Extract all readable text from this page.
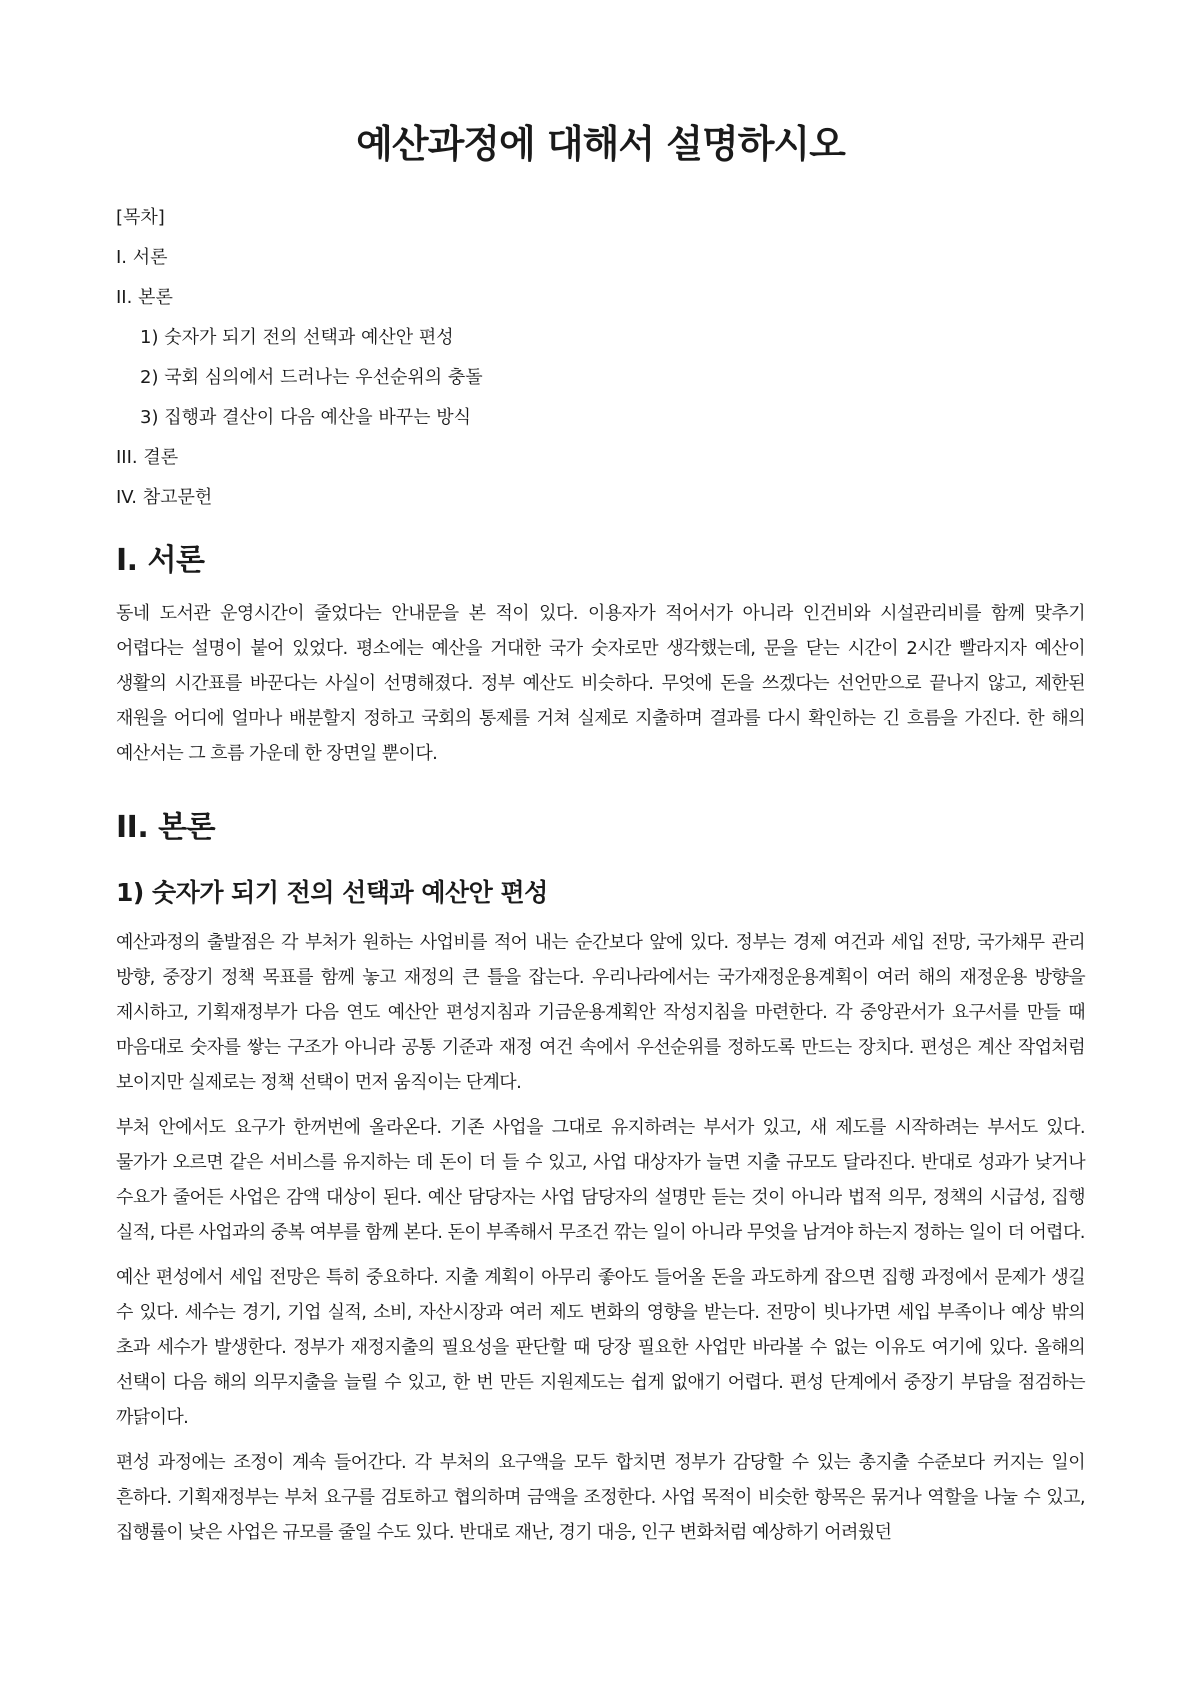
예산과정에 대해서 설명하시오
[목차]
I. 서론
II. 본론
1) 숫자가 되기 전의 선택과 예산안 편성
2) 국회 심의에서 드러나는 우선순위의 충돌
3) 집행과 결산이 다음 예산을 바꾸는 방식
III. 결론
IV. 참고문헌
I. 서론

동네 도서관 운영시간이 줄었다는 안내문을 본 적이 있다. 이용자가 적어서가 아니라 인건비와 시설관리비를 함께 맞추기 어렵다는 설명이 붙어 있었다. 평소에는 예산을 거대한 국가 숫자로만 생각했는데, 문을 닫는 시간이 2시간 빨라지자 예산이 생활의 시간표를 바꾼다는 사실이 선명해졌다. 정부 예산도 비슷하다. 무엇에 돈을 쓰겠다는 선언만으로 끝나지 않고, 제한된 재원을 어디에 얼마나 배분할지 정하고 국회의 통제를 거쳐 실제로 지출하며 결과를 다시 확인하는 긴 흐름을 가진다. 한 해의 예산서는 그 흐름 가운데 한 장면일 뿐이다.

II. 본론
1) 숫자가 되기 전의 선택과 예산안 편성

예산과정의 출발점은 각 부처가 원하는 사업비를 적어 내는 순간보다 앞에 있다. 정부는 경제 여건과 세입 전망, 국가채무 관리 방향, 중장기 정책 목표를 함께 놓고 재정의 큰 틀을 잡는다. 우리나라에서는 국가재정운용계획이 여러 해의 재정운용 방향을 제시하고, 기획재정부가 다음 연도 예산안 편성지침과 기금운용계획안 작성지침을 마련한다. 각 중앙관서가 요구서를 만들 때 마음대로 숫자를 쌓는 구조가 아니라 공통 기준과 재정 여건 속에서 우선순위를 정하도록 만드는 장치다. 편성은 계산 작업처럼 보이지만 실제로는 정책 선택이 먼저 움직이는 단계다.

부처 안에서도 요구가 한꺼번에 올라온다. 기존 사업을 그대로 유지하려는 부서가 있고, 새 제도를 시작하려는 부서도 있다. 물가가 오르면 같은 서비스를 유지하는 데 돈이 더 들 수 있고, 사업 대상자가 늘면 지출 규모도 달라진다. 반대로 성과가 낮거나 수요가 줄어든 사업은 감액 대상이 된다. 예산 담당자는 사업 담당자의 설명만 듣는 것이 아니라 법적 의무, 정책의 시급성, 집행 실적, 다른 사업과의 중복 여부를 함께 본다. 돈이 부족해서 무조건 깎는 일이 아니라 무엇을 남겨야 하는지 정하는 일이 더 어렵다.

예산 편성에서 세입 전망은 특히 중요하다. 지출 계획이 아무리 좋아도 들어올 돈을 과도하게 잡으면 집행 과정에서 문제가 생길 수 있다. 세수는 경기, 기업 실적, 소비, 자산시장과 여러 제도 변화의 영향을 받는다. 전망이 빗나가면 세입 부족이나 예상 밖의 초과 세수가 발생한다. 정부가 재정지출의 필요성을 판단할 때 당장 필요한 사업만 바라볼 수 없는 이유도 여기에 있다. 올해의 선택이 다음 해의 의무지출을 늘릴 수 있고, 한 번 만든 지원제도는 쉽게 없애기 어렵다. 편성 단계에서 중장기 부담을 점검하는 까닭이다.

편성 과정에는 조정이 계속 들어간다. 각 부처의 요구액을 모두 합치면 정부가 감당할 수 있는 총지출 수준보다 커지는 일이 흔하다. 기획재정부는 부처 요구를 검토하고 협의하며 금액을 조정한다. 사업 목적이 비슷한 항목은 묶거나 역할을 나눌 수 있고, 집행률이 낮은 사업은 규모를 줄일 수도 있다. 반대로 재난, 경기 대응, 인구 변화처럼 예상하기 어려웠던
